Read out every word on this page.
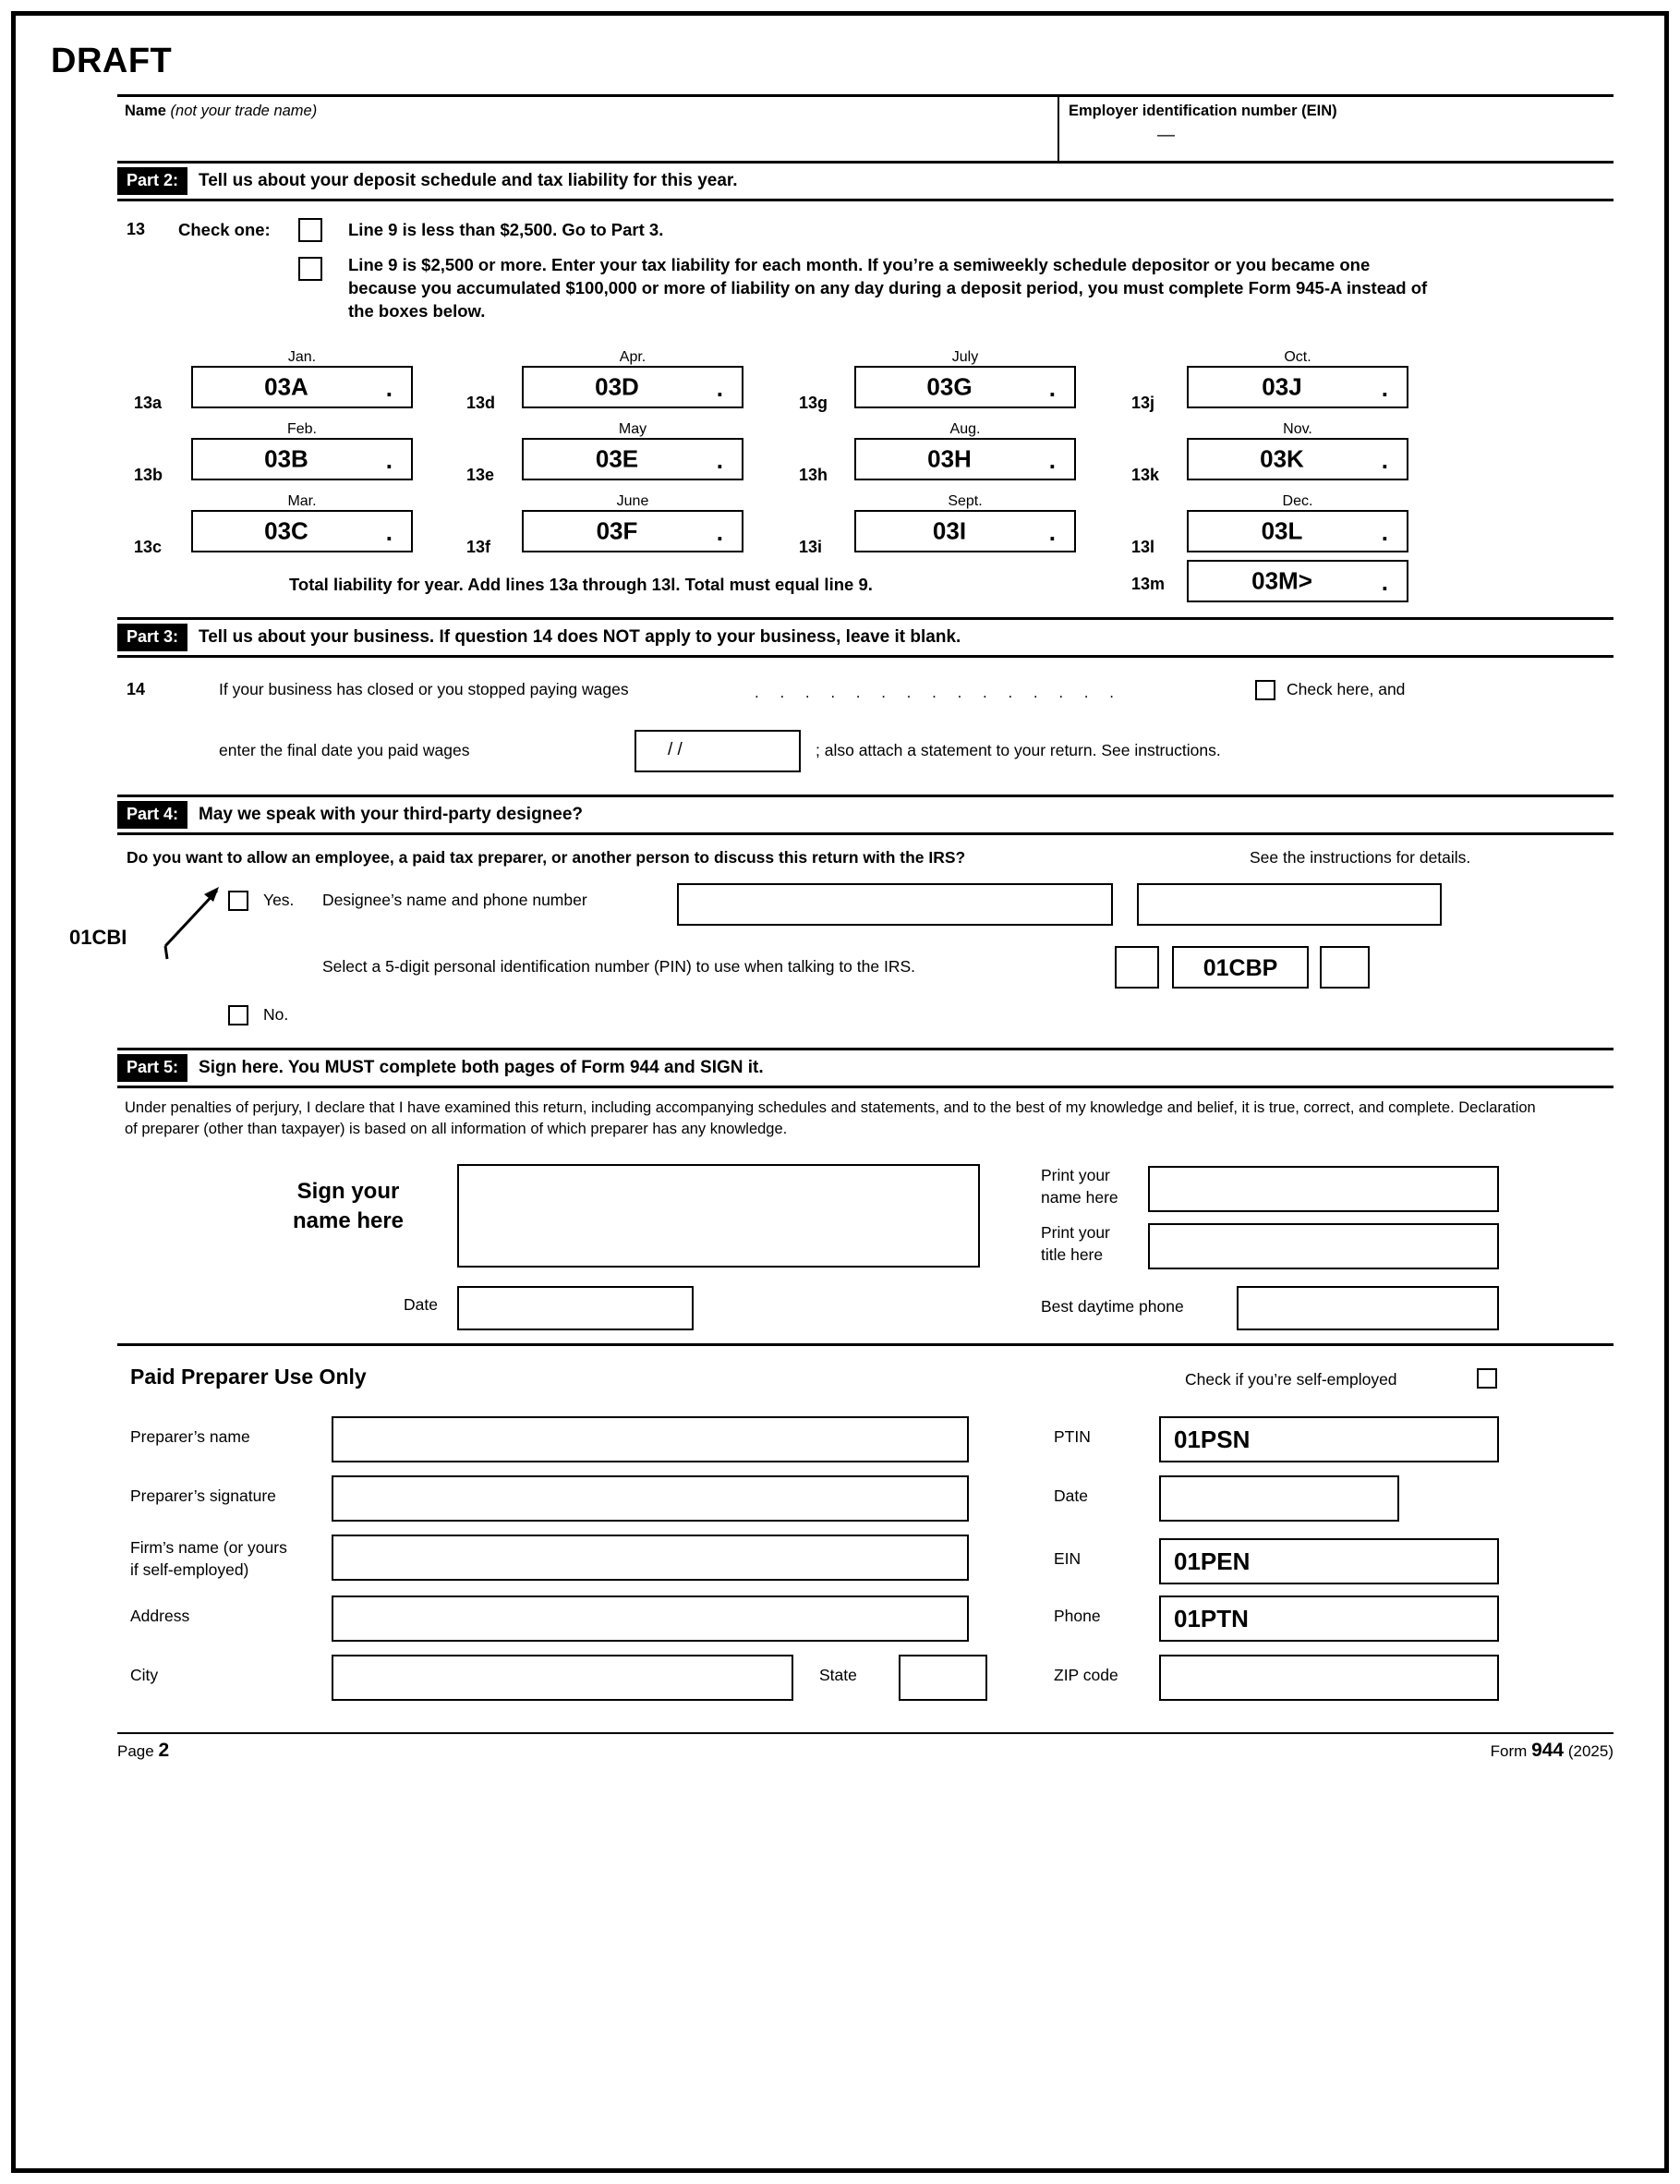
DRAFT
Name (not your trade name)	Employer identification number (EIN)
—
Part 2:	Tell us about your deposit schedule and tax liability for this year.
13 Check one:	Line 9 is less than $2,500. Go to Part 3.
Line 9 is $2,500 or more. Enter your tax liability for each month. If you’re a semiweekly schedule depositor or you became one because you accumulated $100,000 or more of liability on any day during a deposit period, you must complete Form 945-A instead of the boxes below.
13a
Jan.
03A	.
13b
Feb.
03B	.
13c
Mar.
03C	.
13d
Apr.
03D	.
13e
May
03E	.
13f
June
03F	.
13g
July
03G	.
13h
Aug.
03H	.
13i
Sept.
03I	.
13j
Oct.
03J	.
13k
Nov.
03K	.
13l
Dec.
03L	.
Total liability for year. Add lines 13a through 13l. Total must equal line 9.	13m	03M>	.
Part 3:	Tell us about your business. If question 14 does NOT apply to your business, leave it blank.
14	If your business has closed or you stopped paying wages	. . . . . . . . . . . . . . .	Check here, and
enter the final date you paid wages	/ /	; also attach a statement to your return. See instructions.
Part 4:	May we speak with your third-party designee?
Do you want to allow an employee, a paid tax preparer, or another person to discuss this return with the IRS?	See the instructions for details.
Yes. Designee’s name and phone number
01CBI
Select a 5-digit personal identification number (PIN) to use when talking to the IRS.	01CBP
No.
Part 5:	Sign here. You MUST complete both pages of Form 944 and SIGN it.
Under penalties of perjury, I declare that I have examined this return, including accompanying schedules and statements, and to the best of my knowledge and belief, it is true, correct, and complete. Declaration of preparer (other than taxpayer) is based on all information of which preparer has any knowledge.
Sign your
name here
Print your
name here
Print your
title here
Date	Best daytime phone
Paid Preparer Use Only	Check if you’re self-employed
Preparer’s name
Preparer’s signature
Firm’s name (or yours
if self-employed)
Address
City	State
PTIN	01PSN
Date
EIN	01PEN
Phone	01PTN
ZIP code
Page 2	Form 944 (2025)
